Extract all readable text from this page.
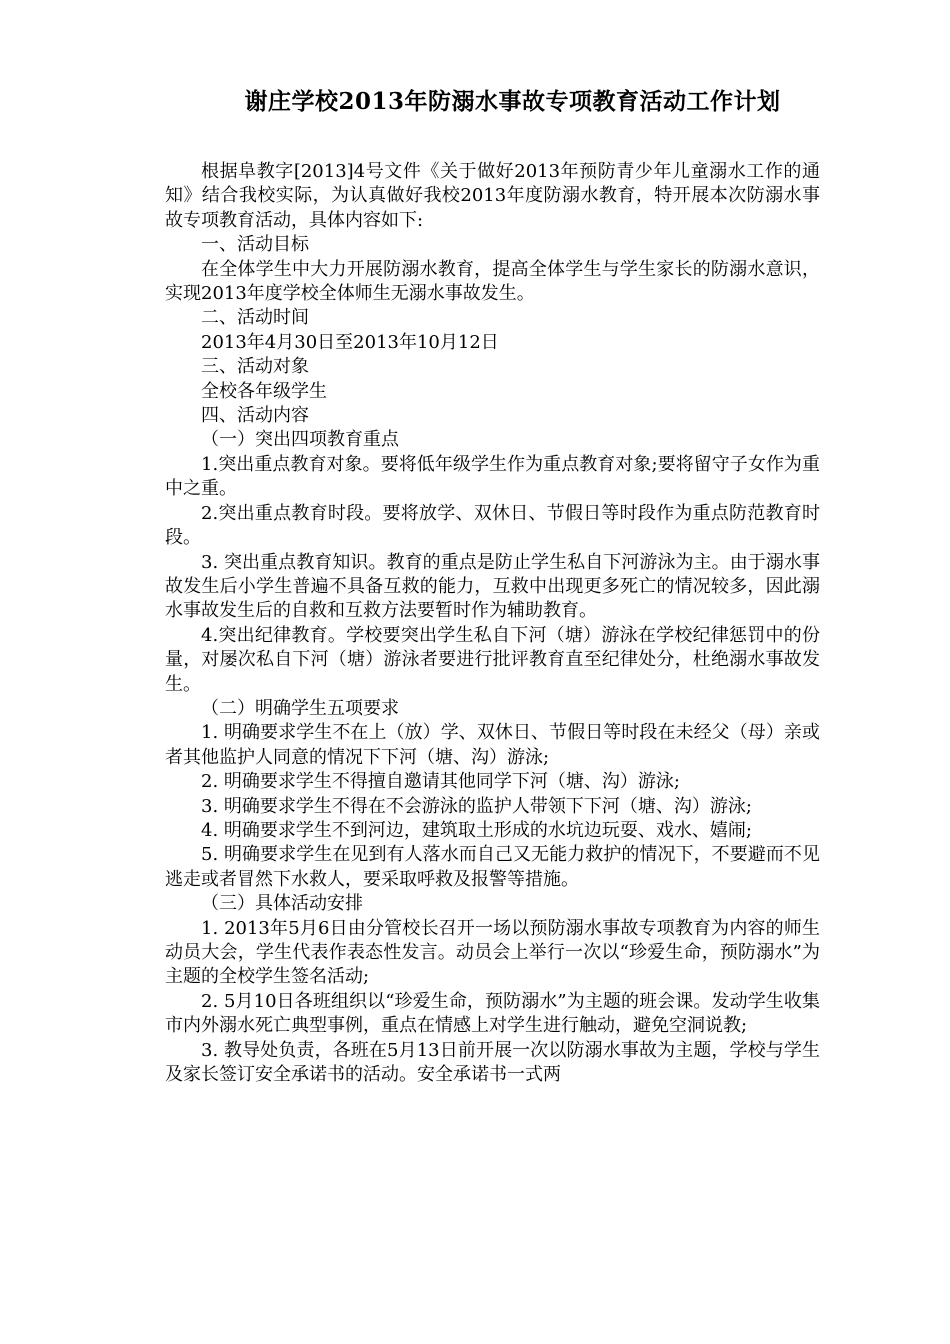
谢庄学校2013年防溺水事故专项教育活动工作计划

根据阜教字[2013]4号文件《关于做好2013年预防青少年儿童溺水工作的通知》结合我校实际，为认真做好我校2013年度防溺水教育，特开展本次防溺水事故专项教育活动，具体内容如下:

一、活动目标

在全体学生中大力开展防溺水教育，提高全体学生与学生家长的防溺水意识，实现2013年度学校全体师生无溺水事故发生。

二、活动时间

2013年4月30日至2013年10月12日

三、活动对象

全校各年级学生

四、活动内容

（一）突出四项教育重点

1.突出重点教育对象。要将低年级学生作为重点教育对象;要将留守子女作为重中之重。

2.突出重点教育时段。要将放学、双休日、节假日等时段作为重点防范教育时段。

3. 突出重点教育知识。教育的重点是防止学生私自下河游泳为主。由于溺水事故发生后小学生普遍不具备互救的能力，互救中出现更多死亡的情况较多，因此溺水事故发生后的自救和互救方法要暂时作为辅助教育。

4.突出纪律教育。学校要突出学生私自下河（塘）游泳在学校纪律惩罚中的份量，对屡次私自下河（塘）游泳者要进行批评教育直至纪律处分，杜绝溺水事故发生。

（二）明确学生五项要求

1. 明确要求学生不在上（放）学、双休日、节假日等时段在未经父（母）亲或者其他监护人同意的情况下下河（塘、沟）游泳;

2. 明确要求学生不得擅自邀请其他同学下河（塘、沟）游泳;

3. 明确要求学生不得在不会游泳的监护人带领下下河（塘、沟）游泳;

4. 明确要求学生不到河边，建筑取土形成的水坑边玩耍、戏水、嬉闹;

5. 明确要求学生在见到有人落水而自己又无能力救护的情况下，不要避而不见逃走或者冒然下水救人，要采取呼救及报警等措施。

（三）具体活动安排

1. 2013年5月6日由分管校长召开一场以预防溺水事故专项教育为内容的师生动员大会，学生代表作表态性发言。动员会上举行一次以“珍爱生命，预防溺水”为主题的全校学生签名活动;

2. 5月10日各班组织以“珍爱生命，预防溺水”为主题的班会课。发动学生收集市内外溺水死亡典型事例，重点在情感上对学生进行触动，避免空洞说教;

3. 教导处负责，各班在5月13日前开展一次以防溺水事故为主题，学校与学生及家长签订安全承诺书的活动。安全承诺书一式两
